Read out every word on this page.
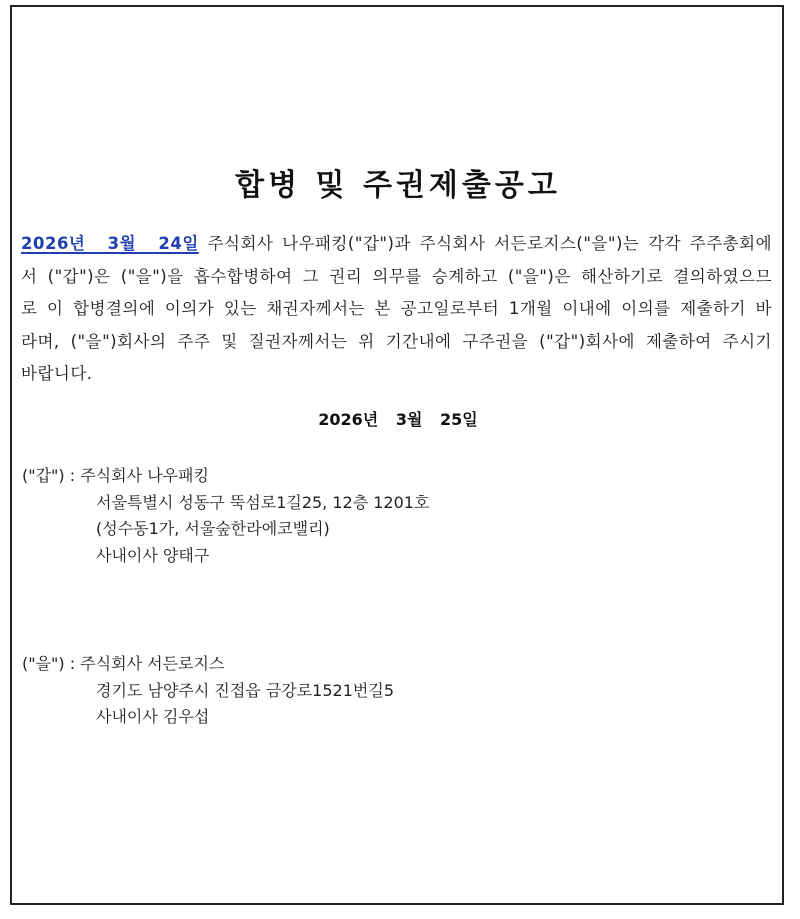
합병 및 주권제출공고
2026년 3월 24일 주식회사 나우패킹("갑")과 주식회사 서든로지스("을")는 각각 주주총회에서 ("갑")은 ("을")을 흡수합병하여 그 권리 의무를 승계하고 ("을")은 해산하기로 결의하였으므로 이 합병결의에 이의가 있는 채권자께서는 본 공고일로부터 1개월 이내에 이의를 제출하기 바라며, ("을")회사의 주주 및 질권자께서는 위 기간내에 구주권을 ("갑")회사에 제출하여 주시기 바랍니다.
2026년 3월 25일
("갑") : 주식회사 나우패킹
서울특별시 성동구 뚝섬로1길25, 12층 1201호
(성수동1가, 서울숲한라에코밸리)
사내이사 양태구
("을") : 주식회사 서든로지스
경기도 남양주시 진접읍 금강로1521번길5
사내이사 김우섭
